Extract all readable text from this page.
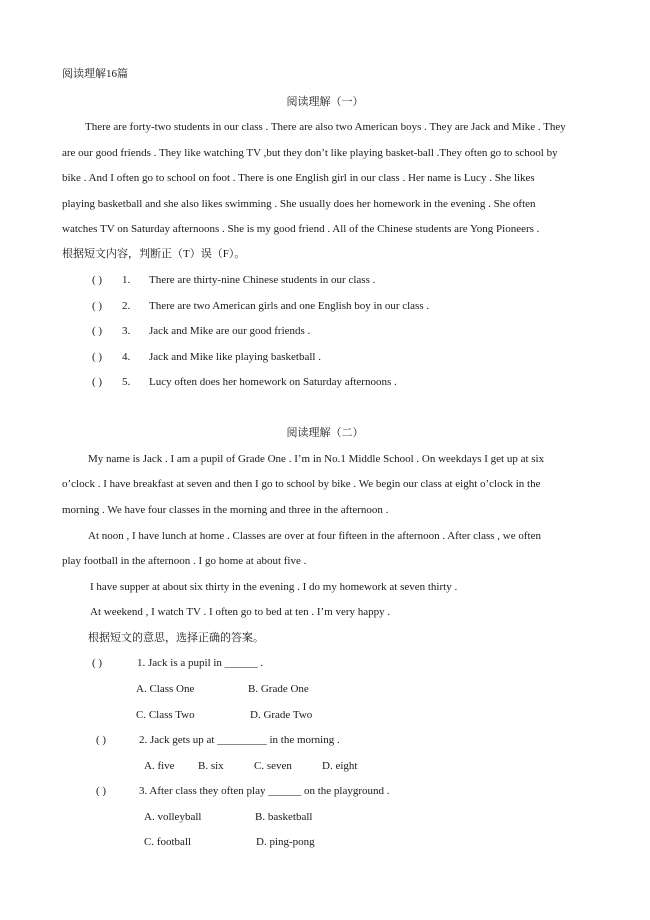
阅读理解16篇
阅读理解（一）
There are forty-two students in our class . There are also two American boys . They are Jack and Mike . They
are our good friends . They like watching TV ,but they don’t like playing basket-ball .They often go to school by
bike . And I often go to school on foot . There is one English girl in our class . Her name is Lucy . She likes
playing basketball and she also likes swimming . She usually does her homework in the evening . She often
watches TV on Saturday afternoons . She is my good friend . All of the Chinese students are Yong Pioneers .
根据短文内容，判断正（T）误（F）。
( ) 1. There are thirty-nine Chinese students in our class .
( ) 2. There are two American girls and one English boy in our class .
( ) 3. Jack and Mike are our good friends .
( ) 4. Jack and Mike like playing basketball .
( ) 5. Lucy often does her homework on Saturday afternoons .
阅读理解（二）
My name is Jack . I am a pupil of Grade One . I’m in No.1 Middle School . On weekdays I get up at six
o’clock . I have breakfast at seven and then I go to school by bike . We begin our class at eight o’clock in the
morning . We have four classes in the morning and three in the afternoon .
At noon , I have lunch at home . Classes are over at four fifteen in the afternoon . After class , we often
play football in the afternoon . I go home at about five .
I have supper at about six thirty in the evening . I do my homework at seven thirty .
At weekend , I watch TV . I often go to bed at ten . I’m very happy .
根据短文的意思，选择正确的答案。
( )	1. Jack is a pupil in ______ .
A. Class One	B. Grade One
C. Class Two	D. Grade Two
( )	2. Jack gets up at _________ in the morning .
A. five B. six	C. seven	D. eight
( )	3. After class they often play ______ on the playground .
A. volleyball	B. basketball
C. football	D. ping-pong
